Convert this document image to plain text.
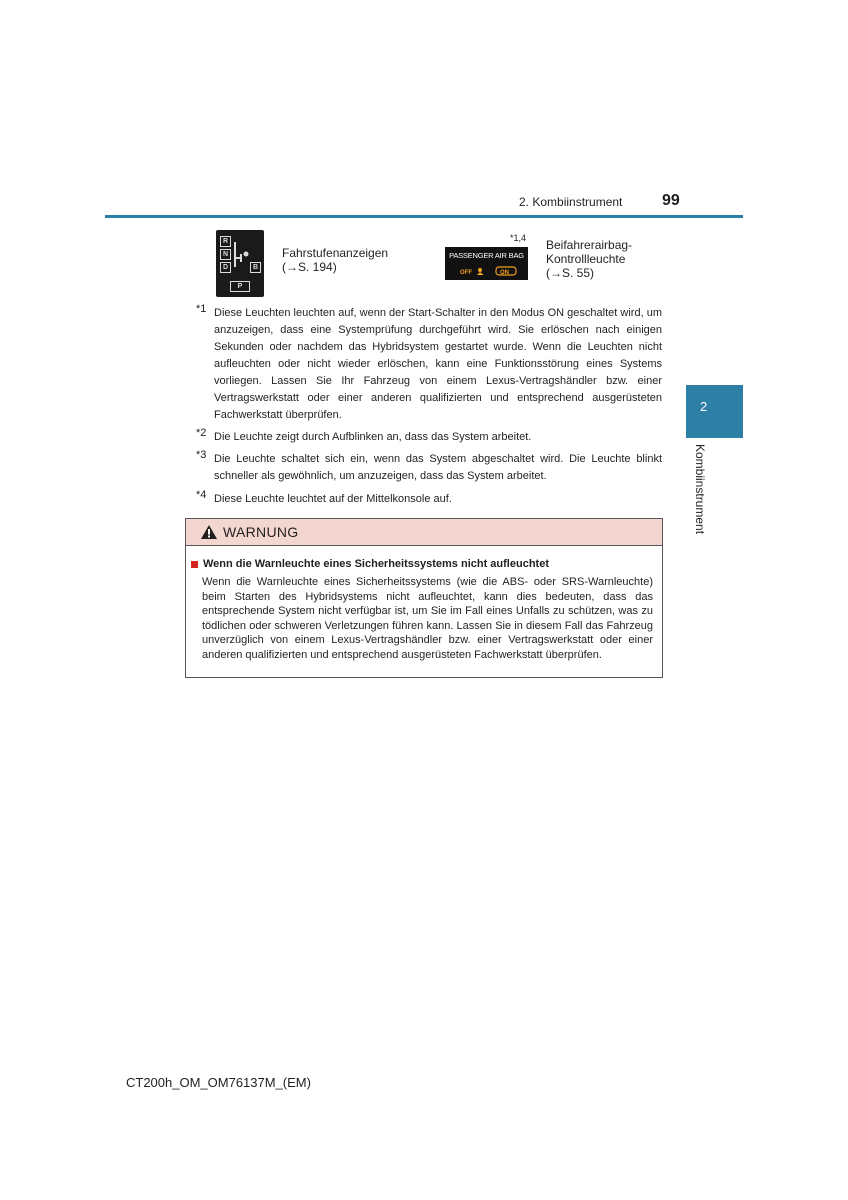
2. Kombiinstrument 99
2
Kombiinstrument
R
N
D	B
P
Fahrstufenanzeigen
(→S. 194)
*1,4
PASSENGER AIR BAG
OFF	ON
Beifahrerairbag-
Kontrollleuchte
(→S. 55)
*1 Diese Leuchten leuchten auf, wenn der Start-Schalter in den Modus ON geschaltet wird, um anzuzeigen, dass eine Systemprüfung durchgeführt wird. Sie erlöschen nach einigen Sekunden oder nachdem das Hybridsystem gestartet wurde. Wenn die Leuchten nicht aufleuchten oder nicht wieder erlöschen, kann eine Funktionsstörung eines Systems vorliegen. Lassen Sie Ihr Fahrzeug von einem Lexus-Vertragshändler bzw. einer Vertragswerkstatt oder einer anderen qualifizierten und entsprechend ausgerüsteten Fachwerkstatt überprüfen.
*2 Die Leuchte zeigt durch Aufblinken an, dass das System arbeitet.
*3 Die Leuchte schaltet sich ein, wenn das System abgeschaltet wird. Die Leuchte blinkt schneller als gewöhnlich, um anzuzeigen, dass das System arbeitet.
*4 Diese Leuchte leuchtet auf der Mittelkonsole auf.
WARNUNG
Wenn die Warnleuchte eines Sicherheitssystems nicht aufleuchtet
Wenn die Warnleuchte eines Sicherheitssystems (wie die ABS- oder SRS-Warnleuchte) beim Starten des Hybridsystems nicht aufleuchtet, kann dies bedeuten, dass das entsprechende System nicht verfügbar ist, um Sie im Fall eines Unfalls zu schützen, was zu tödlichen oder schweren Verletzungen führen kann. Lassen Sie in diesem Fall das Fahrzeug unverzüglich von einem Lexus-Vertragshändler bzw. einer Vertragswerkstatt oder einer anderen qualifizierten und entsprechend ausgerüsteten Fachwerkstatt überprüfen.
CT200h_OM_OM76137M_(EM)
